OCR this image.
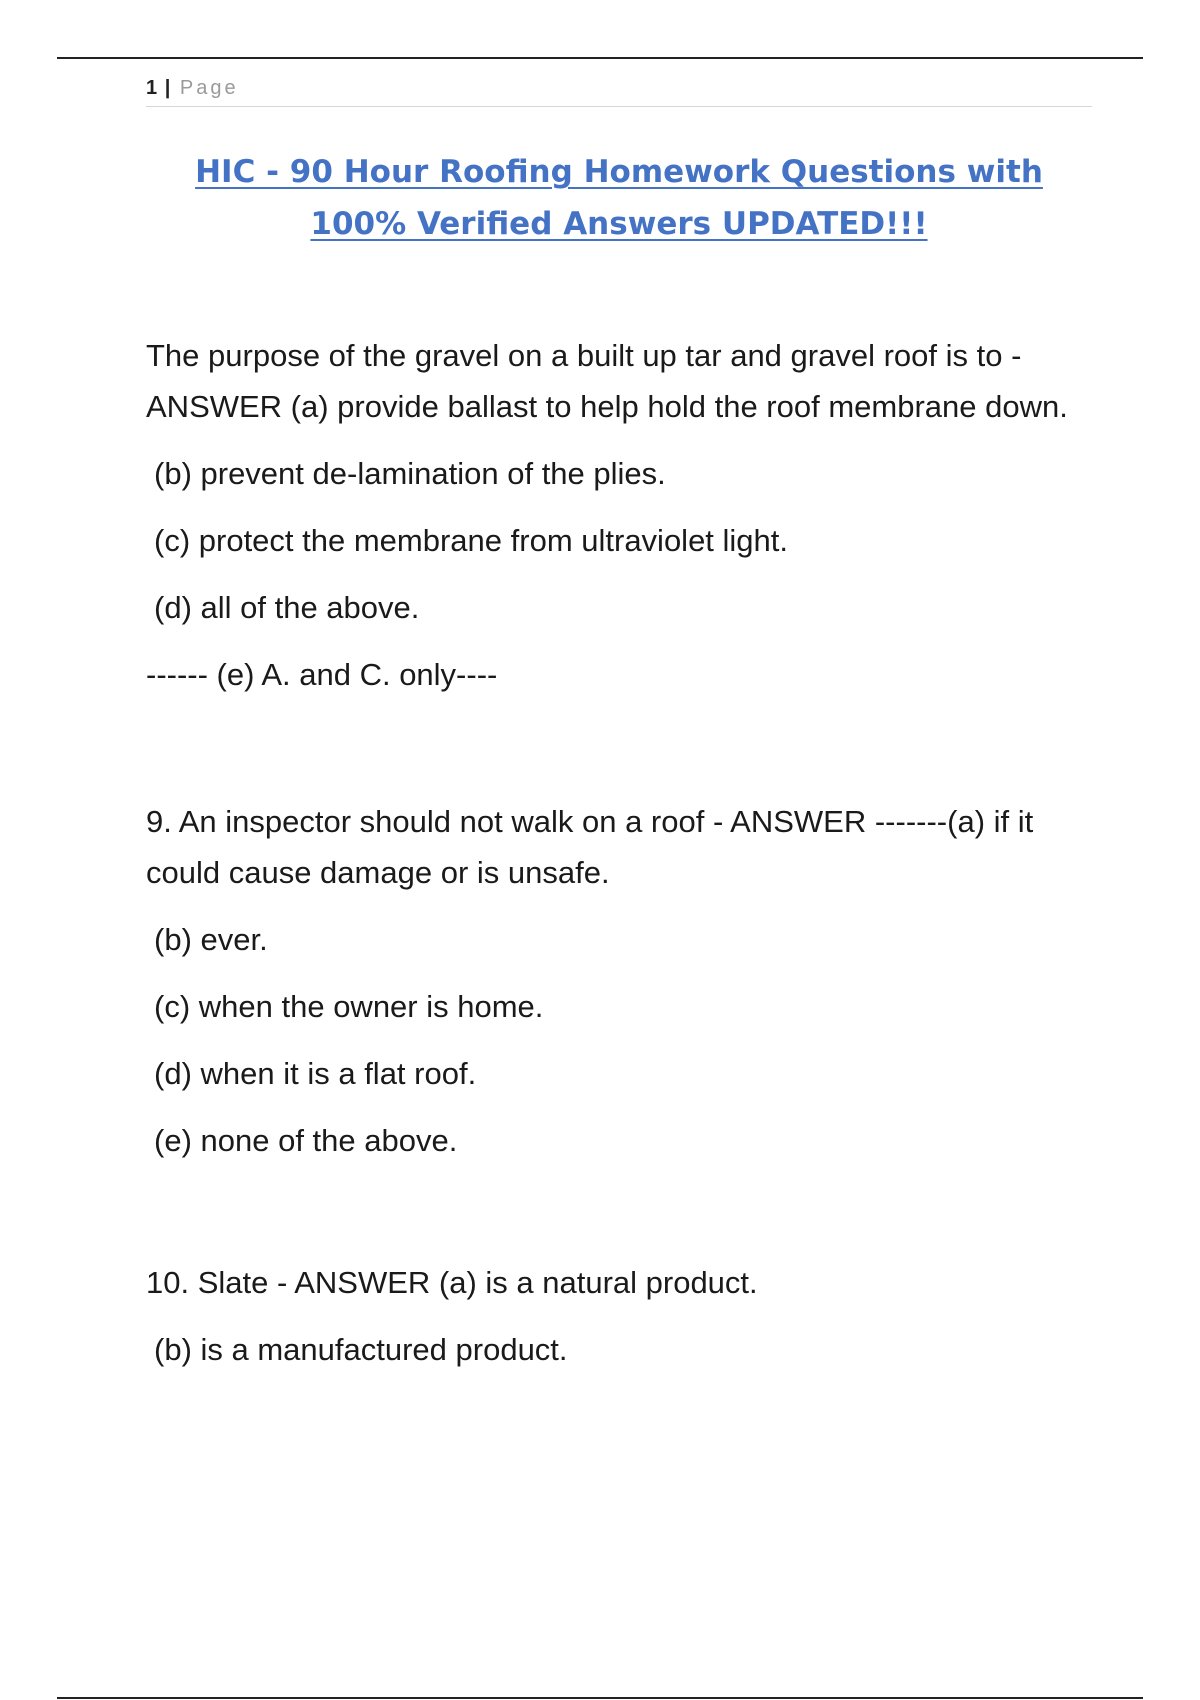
1 | Page
HIC - 90 Hour Roofing Homework Questions with
100% Verified Answers UPDATED!!!

The purpose of the gravel on a built up tar and gravel roof is to - ANSWER (a) provide ballast to help hold the roof membrane down.

(b) prevent de-lamination of the plies.

(c) protect the membrane from ultraviolet light.

(d) all of the above.

------ (e) A. and C. only----

9. An inspector should not walk on a roof - ANSWER -------(a) if it could cause damage or is unsafe.

(b) ever.

(c) when the owner is home.

(d) when it is a flat roof.

(e) none of the above.

10. Slate - ANSWER (a) is a natural product.

(b) is a manufactured product.
